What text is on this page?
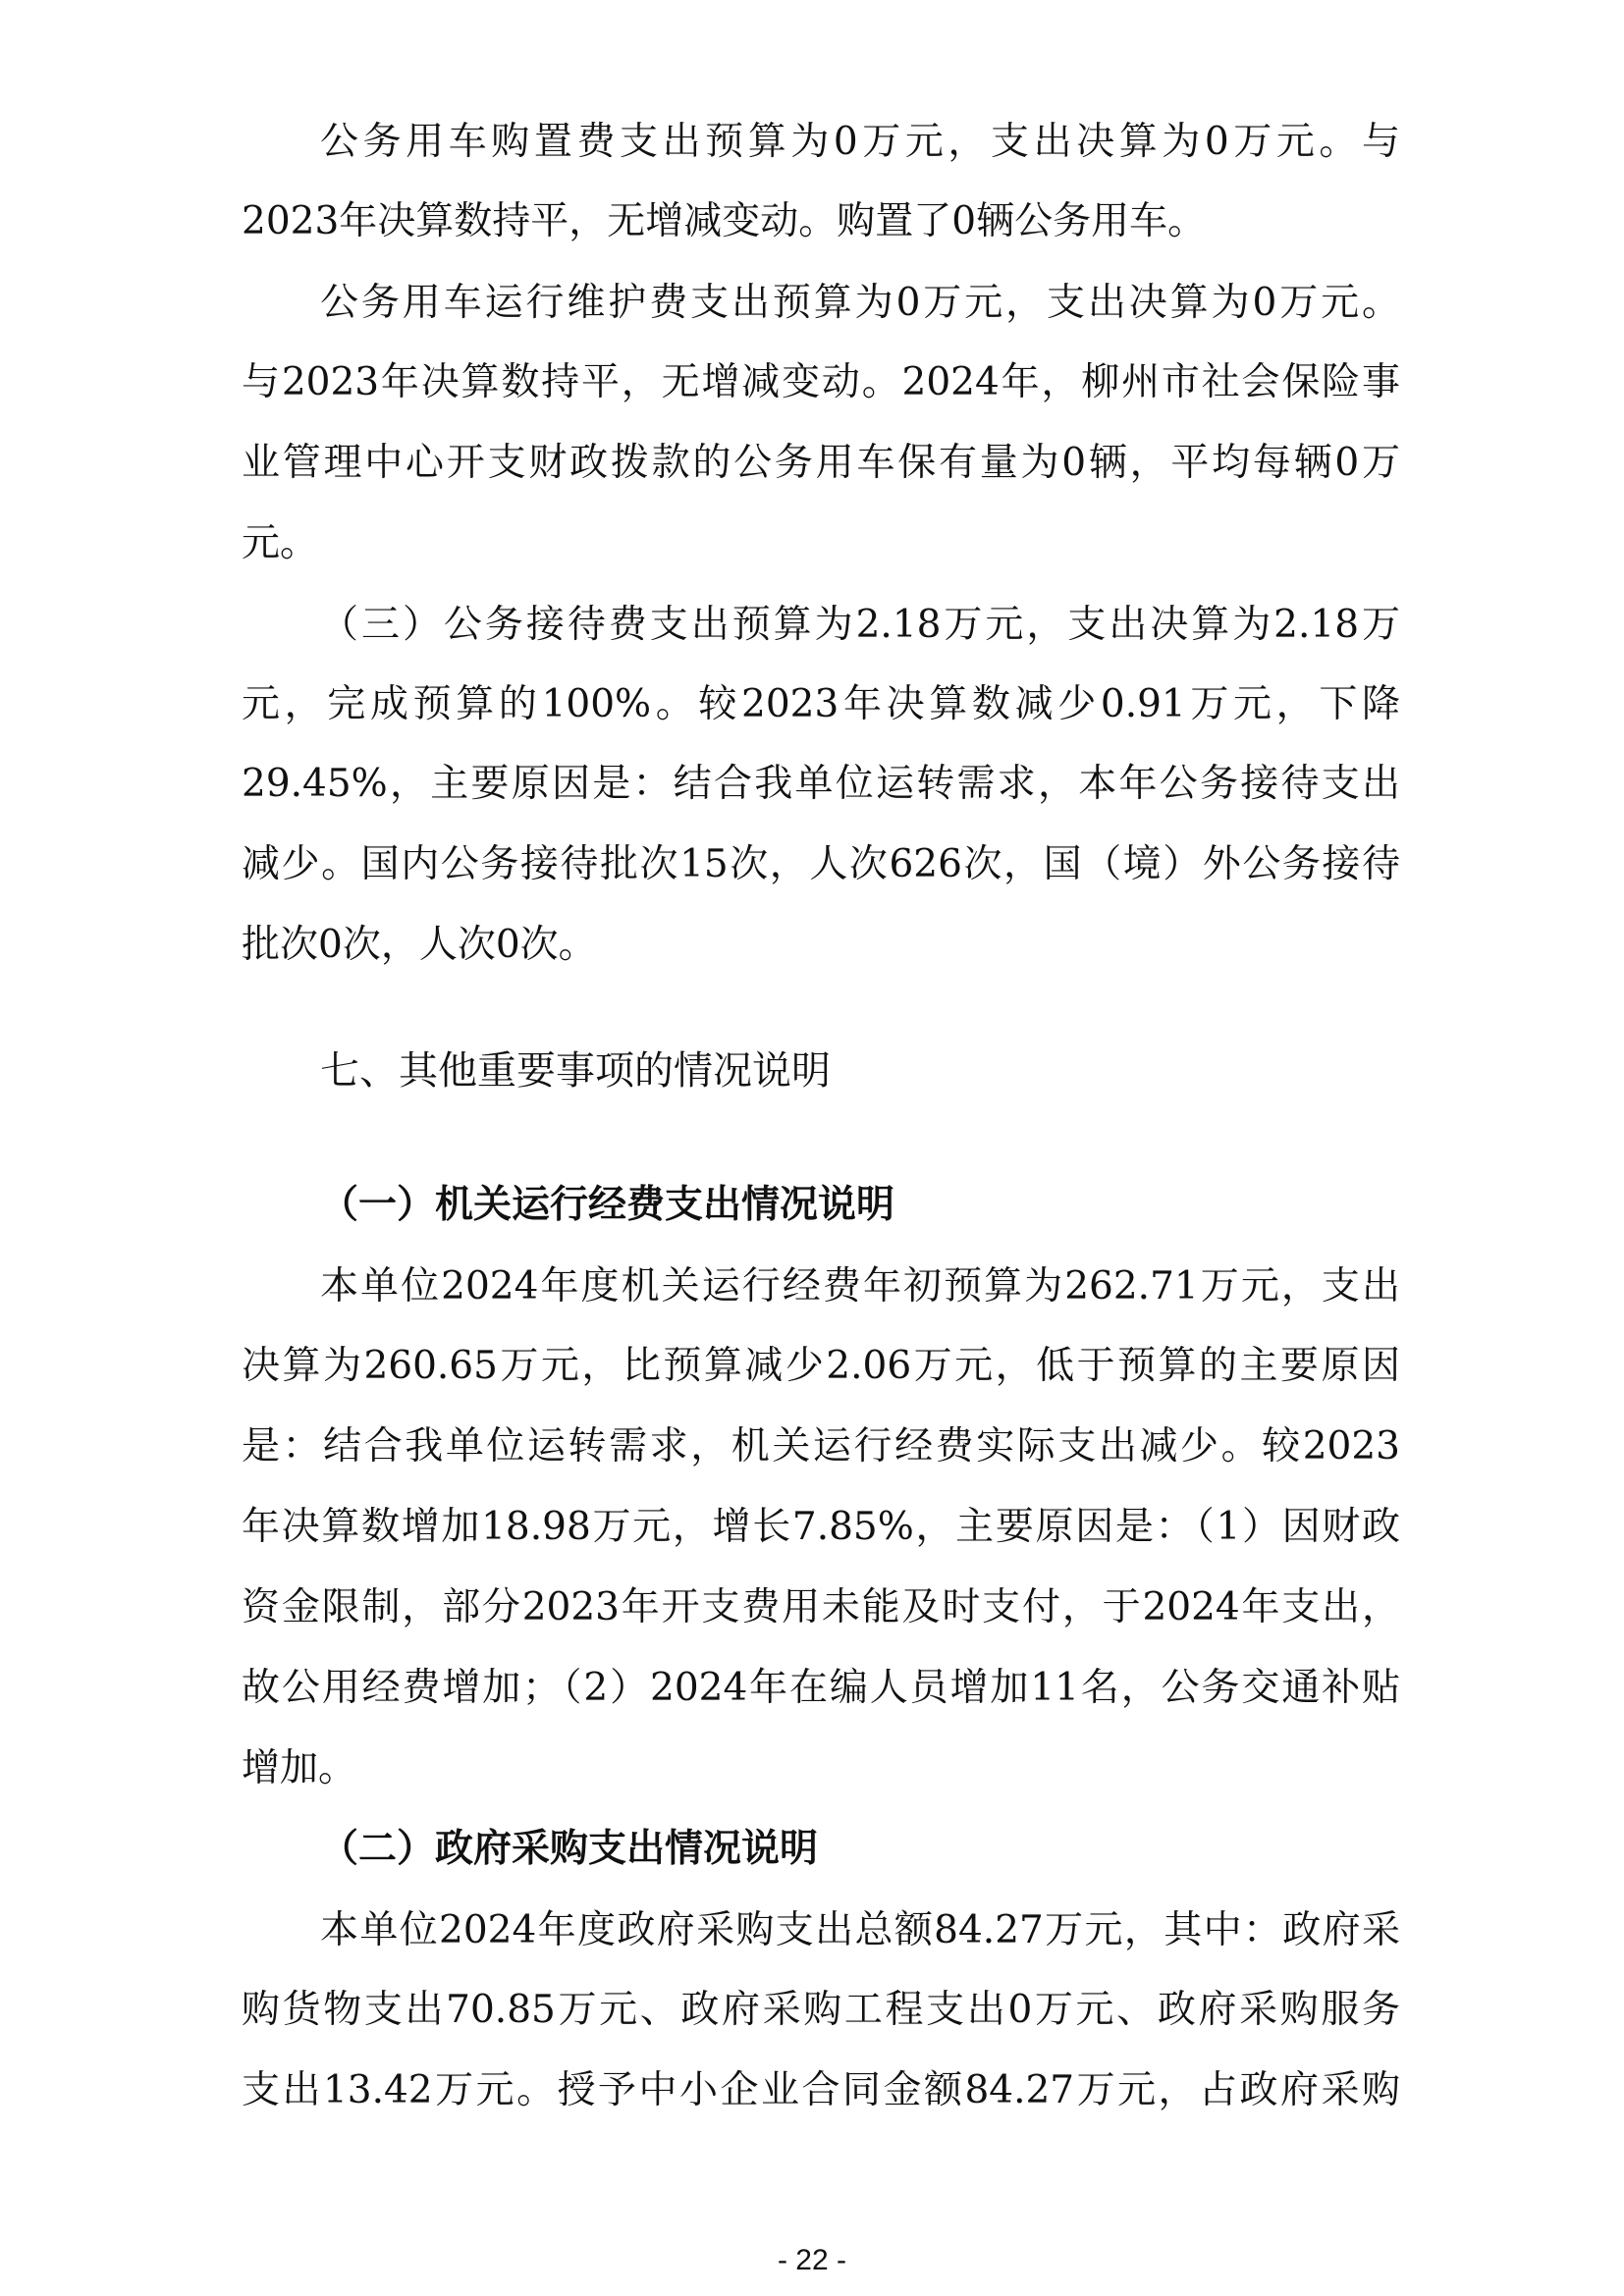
公务用车购置费支出预算为0万元，支出决算为0万元。与
2023年决算数持平，无增减变动。购置了0辆公务用车。
公务用车运行维护费支出预算为0万元，支出决算为0万元。
与2023年决算数持平，无增减变动。2024年，柳州市社会保险事
业管理中心开支财政拨款的公务用车保有量为0辆，平均每辆0万
元。
（三）公务接待费支出预算为2.18万元，支出决算为2.18万
元，完成预算的100%。较2023年决算数减少0.91万元，下降
29.45%，主要原因是：结合我单位运转需求，本年公务接待支出
减少。国内公务接待批次15次，人次626次，国（境）外公务接待
批次0次，人次0次。
七、其他重要事项的情况说明
（一）机关运行经费支出情况说明
本单位2024年度机关运行经费年初预算为262.71万元，支出
决算为260.65万元，比预算减少2.06万元，低于预算的主要原因
是：结合我单位运转需求，机关运行经费实际支出减少。较2023
年决算数增加18.98万元，增长7.85%，主要原因是：（1）因财政
资金限制，部分2023年开支费用未能及时支付，于2024年支出，
故公用经费增加；（2）2024年在编人员增加11名，公务交通补贴
增加。
（二）政府采购支出情况说明
本单位2024年度政府采购支出总额84.27万元，其中：政府采
购货物支出70.85万元、政府采购工程支出0万元、政府采购服务
支出13.42万元。授予中小企业合同金额84.27万元，占政府采购
- 22 -
